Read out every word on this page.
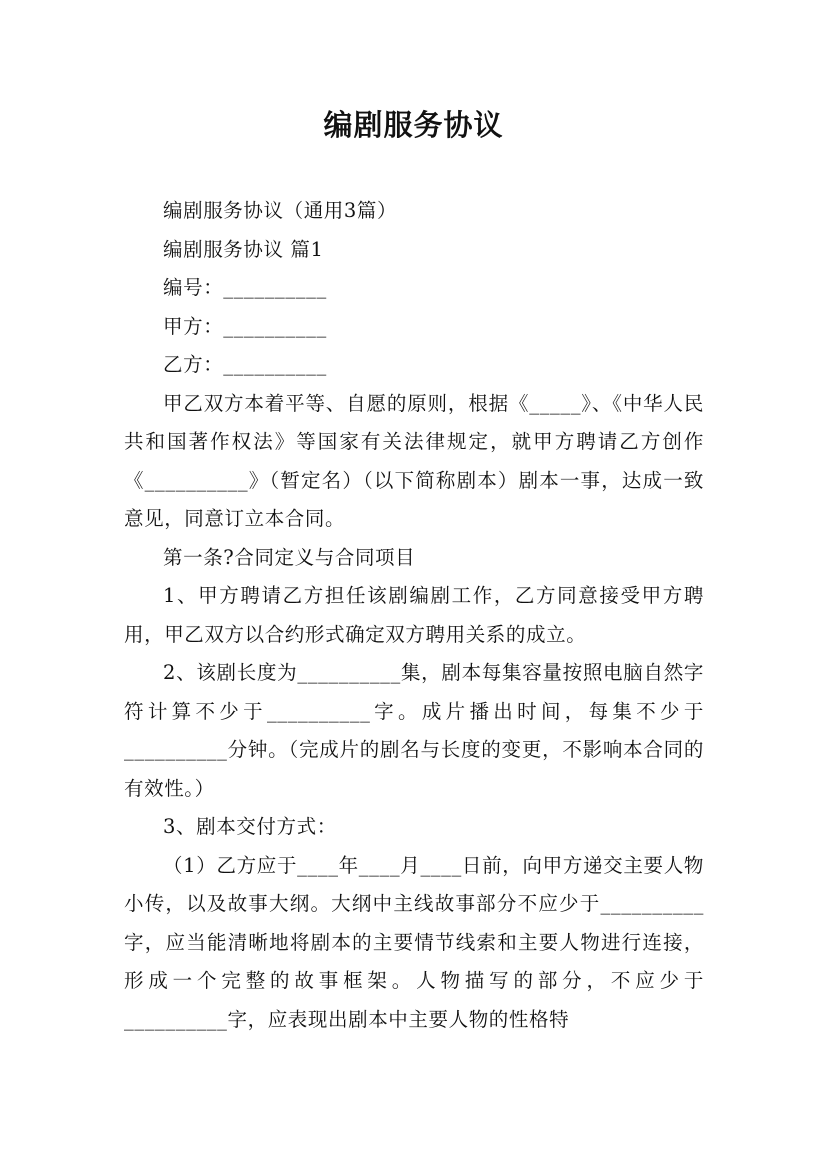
编剧服务协议

编剧服务协议（通用3篇）

编剧服务协议 篇1

编号：__________

甲方：__________

乙方：__________

甲乙双方本着平等、自愿的原则，根据《_____》、《中华人民共和国著作权法》等国家有关法律规定，就甲方聘请乙方创作《__________》（暂定名）（以下简称剧本）剧本一事，达成一致意见，同意订立本合同。

第一条?合同定义与合同项目

1、甲方聘请乙方担任该剧编剧工作，乙方同意接受甲方聘用，甲乙双方以合约形式确定双方聘用关系的成立。

2、该剧长度为__________集，剧本每集容量按照电脑自然字符计算不少于__________字。成片播出时间，每集不少于__________分钟。（完成片的剧名与长度的变更，不影响本合同的有效性。）

3、剧本交付方式：

（1）乙方应于____年____月____日前，向甲方递交主要人物小传，以及故事大纲。大纲中主线故事部分不应少于__________字，应当能清晰地将剧本的主要情节线索和主要人物进行连接，形成一个完整的故事框架。人物描写的部分，不应少于__________字，应表现出剧本中主要人物的性格特
